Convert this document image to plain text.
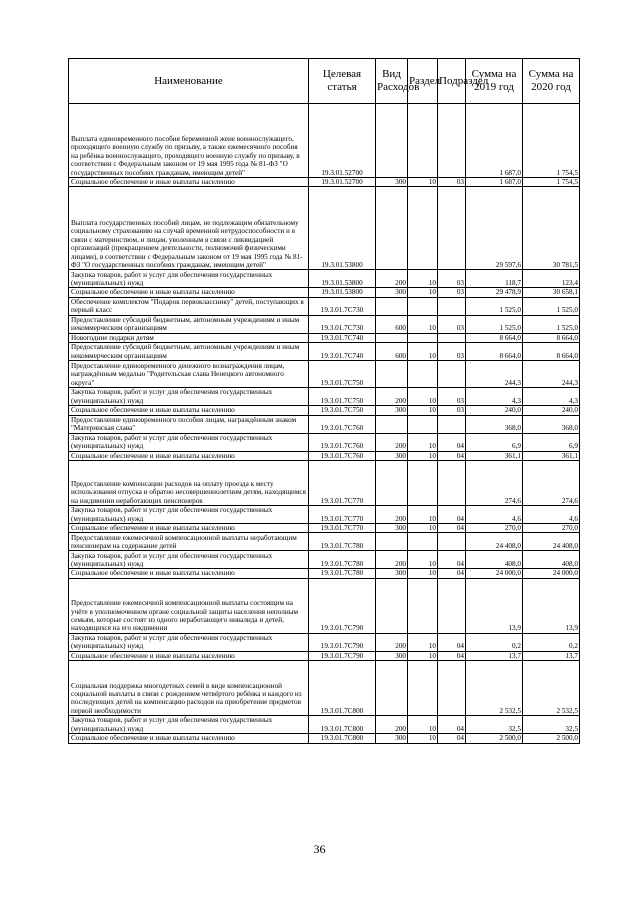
Наименование	Целевая статья	Вид Расходов	Раздел	Подраздел	Сумма на 2019 год	Сумма на 2020 год
Выплата единовременного пособия беременной жене военнослужащего, проходящего военную службу по призыву, а также ежемесячного пособия на ребёнка военнослужащего, проходящего военную службу по призыву, в соответствии с Федеральным законом от 19 мая 1995 года № 81-ФЗ "О государственных пособиях гражданам, имеющим детей"	19.3.01.52700				1 687,0	1 754,5
Социальное обеспечение и иные выплаты населению	19.3.01.52700	300	10	03	1 687,0	1 754,5
Выплата государственных пособий лицам, не подлежащим обязательному социальному страхованию на случай временной нетрудоспособности и в связи с материнством, и лицам, уволенным в связи с ликвидацией организаций (прекращением деятельности, полномочий физическими лицами), в соответствии с Федеральным законом от 19 мая 1995 года № 81-ФЗ "О государственных пособиях гражданам, имеющим детей"	19.3.01.53800				29 597,6	30 781,5
Закупка товаров, работ и услуг для обеспечения государственных (муниципальных) нужд	19.3.01.53800	200	10	03	118,7	123,4
Социальное обеспечение и иные выплаты населению	19.3.01.53800	300	10	03	29 478,9	30 658,1
Обеспечение комплектом "Подарок первокласснику" детей, поступающих в первый класс	19.3.01.7С730				1 525,0	1 525,0
Предоставление субсидий бюджетным, автономным учреждениям и иным некоммерческим организациям	19.3.01.7С730	600	10	03	1 525,0	1 525,0
Новогодние подарки детям	19.3.01.7С740				8 664,0	8 664,0
Предоставление субсидий бюджетным, автономным учреждениям и иным некоммерческим организациям	19.3.01.7С740	600	10	03	8 664,0	8 664,0
Предоставление единовременного денежного вознаграждения лицам, награждённым медалью "Родительская слава Ненецкого автономного округа"	19.3.01.7С750				244,3	244,3
Закупка товаров, работ и услуг для обеспечения государственных (муниципальных) нужд	19.3.01.7С750	200	10	03	4,3	4,3
Социальное обеспечение и иные выплаты населению	19.3.01.7С750	300	10	03	240,0	240,0
Предоставление единовременного пособия лицам, награждённым знаком "Материнская слава"	19.3.01.7С760				368,0	368,0
Закупка товаров, работ и услуг для обеспечения государственных (муниципальных) нужд	19.3.01.7С760	200	10	04	6,9	6,9
Социальное обеспечение и иные выплаты населению	19.3.01.7С760	300	10	04	361,1	361,1
Предоставление компенсации расходов на оплату проезда к месту использования отпуска и обратно несовершеннолетним детям, находящимся на иждивении неработающих пенсионеров	19.3.01.7С770				274,6	274,6
Закупка товаров, работ и услуг для обеспечения государственных (муниципальных) нужд	19.3.01.7С770	200	10	04	4,6	4,6
Социальное обеспечение и иные выплаты населению	19.3.01.7С770	300	10	04	270,0	270,0
Предоставление ежемесячной компенсационной выплаты неработающим пенсионерам на содержание детей	19.3.01.7С780				24 408,0	24 408,0
Закупка товаров, работ и услуг для обеспечения государственных (муниципальных) нужд	19.3.01.7С780	200	10	04	408,0	408,0
Социальное обеспечение и иные выплаты населению	19.3.01.7С780	300	10	04	24 000,0	24 000,0
Предоставление ежемесячной компенсационной выплаты состоящим на учёте в уполномоченном органе социальной защиты населения неполным семьям, которые состоят из одного неработающего инвалида и детей, находящихся на его иждивении	19.3.01.7С790				13,9	13,9
Закупка товаров, работ и услуг для обеспечения государственных (муниципальных) нужд	19.3.01.7С790	200	10	04	0,2	0,2
Социальное обеспечение и иные выплаты населению	19.3.01.7С790	300	10	04	13,7	13,7
Социальная поддержка многодетных семей в виде компенсационной социальной выплаты в связи с рождением четвёртого ребёнка и каждого из последующих детей на компенсацию расходов на приобретение предметов первой необходимости	19.3.01.7С800				2 532,5	2 532,5
Закупка товаров, работ и услуг для обеспечения государственных (муниципальных) нужд	19.3.01.7С800	200	10	04	32,5	32,5
Социальное обеспечение и иные выплаты населению	19.3.01.7С800	300	10	04	2 500,0	2 500,0
36
